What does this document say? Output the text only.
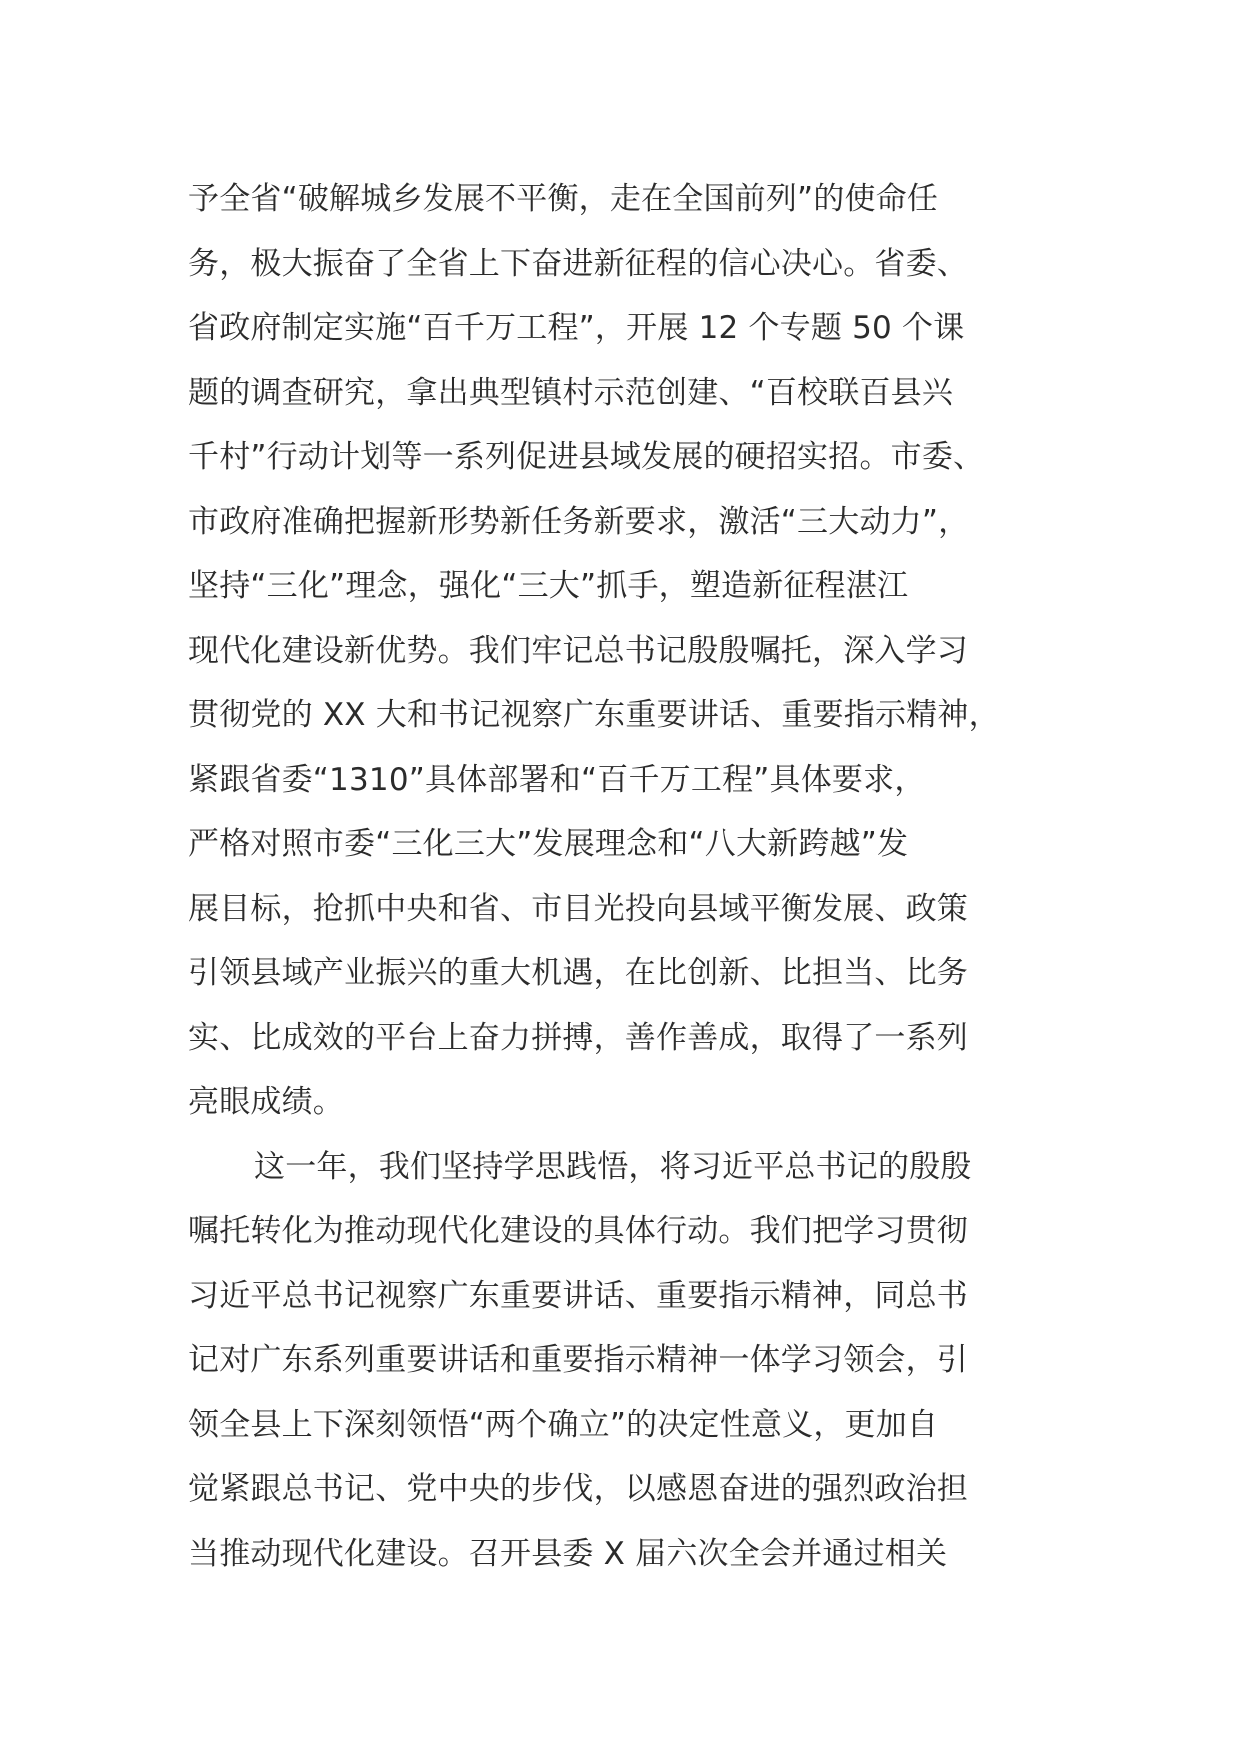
予全省“破解城乡发展不平衡，走在全国前列”的使命任
务，极大振奋了全省上下奋进新征程的信心决心。省委、
省政府制定实施“百千万工程”，开展 12 个专题 50 个课
题的调查研究，拿出典型镇村示范创建、“百校联百县兴
千村”行动计划等一系列促进县域发展的硬招实招。市委、
市政府准确把握新形势新任务新要求，激活“三大动力”，
坚持“三化”理念，强化“三大”抓手，塑造新征程湛江
现代化建设新优势。我们牢记总书记殷殷嘱托，深入学习
贯彻党的 XX 大和书记视察广东重要讲话、重要指示精神，
紧跟省委“1310”具体部署和“百千万工程”具体要求，
严格对照市委“三化三大”发展理念和“八大新跨越”发
展目标，抢抓中央和省、市目光投向县域平衡发展、政策
引领县域产业振兴的重大机遇，在比创新、比担当、比务
实、比成效的平台上奋力拼搏，善作善成，取得了一系列
亮眼成绩。
这一年，我们坚持学思践悟，将习近平总书记的殷殷
嘱托转化为推动现代化建设的具体行动。我们把学习贯彻
习近平总书记视察广东重要讲话、重要指示精神，同总书
记对广东系列重要讲话和重要指示精神一体学习领会，引
领全县上下深刻领悟“两个确立”的决定性意义，更加自
觉紧跟总书记、党中央的步伐，以感恩奋进的强烈政治担
当推动现代化建设。召开县委 X 届六次全会并通过相关
